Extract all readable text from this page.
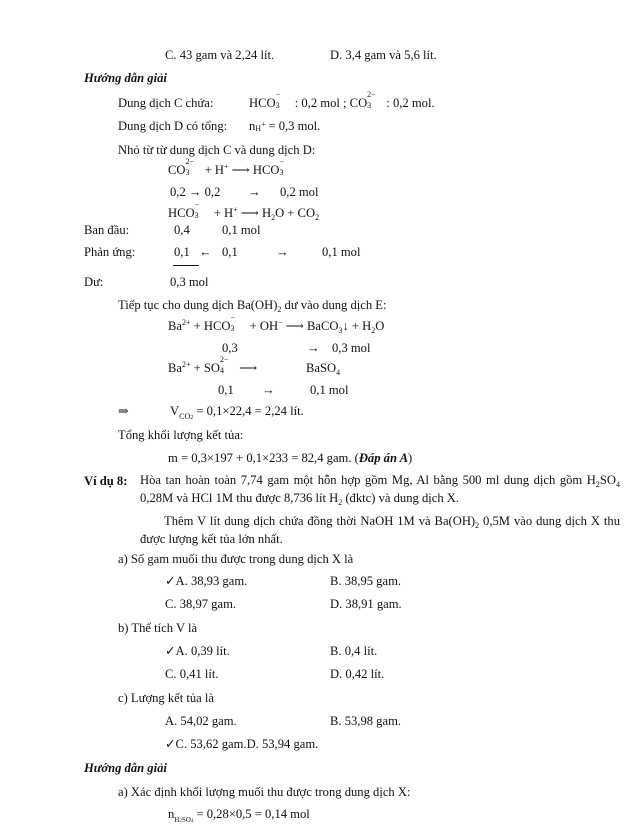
C. 43 gam và 2,24 lít.	D. 3,4 gam và 5,6 lít.
Hướng dẫn giải
Dung dịch C chứa:	HCO
−
3 : 0,2 mol ; CO
2−
3 : 0,2 mol.
Dung dịch D có tổng: n +
H = 0,3 mol.
Nhỏ từ từ dung dịch C và dung dịch D:
CO
2−
3 + H+ ⟶ HCO
−
3
0,2 → 0,2 → 0,2 mol
HCO
−
3 + H+ ⟶ $H_2O + CO_2$
Ban đầu:	0,4	0,1 mol
Phản ứng:	0,1 ← 0,1	→	0,1 mol
Dư:	0,3 mol
Tiếp tục cho dung dịch $Ba(OH)_2$ dư vào dung dịch E:
$Ba^{2+}$ + HCO
−
3 + OH− ⟶ BaCO$_3$↓ + $H_2O$
0,3	→ 0,3 mol
$Ba^{2+}$ + SO
2−
4 ⟶	BaSO$_4$
0,1 →	0,1 mol
⇒	$V_{CO2} = 0,1\times 22,4 = 2,24$ lít.
Tổng khối lượng kết tủa:
m = 0,3×197 + 0,1×233 = 82,4 gam. (Đáp án A)
Ví dụ 8: Hòa tan hoàn toàn 7,74 gam một hỗn hợp gồm Mg, Al bằng 500 ml dung dịch gồm $H_2SO_4$ 0,28M và HCl 1M thu được 8,736 lít $H_2$ (đktc) và dung dịch X.
Thêm V lít dung dịch chứa đồng thời NaOH 1M và $Ba(OH)_2$ 0,5M vào dung dịch X thu được lượng kết tủa lớn nhất.
a) Số gam muối thu được trong dung dịch X là
✓A. 38,93 gam.	B. 38,95 gam.
C. 38,97 gam.	D. 38,91 gam.
b) Thể tích V là
✓A. 0,39 lít.	B. 0,4 lít.
C. 0,41 lít.	D. 0,42 lít.
c) Lượng kết tủa là
A. 54,02 gam.	B. 53,98 gam.
✓C. 53,62 gam.D. 53,94 gam.
Hướng dẫn giải
a) Xác định khối lượng muối thu được trong dung dịch X:
$n_{H2SO4} = 0,28\times 0,5 = 0,14$ mol
